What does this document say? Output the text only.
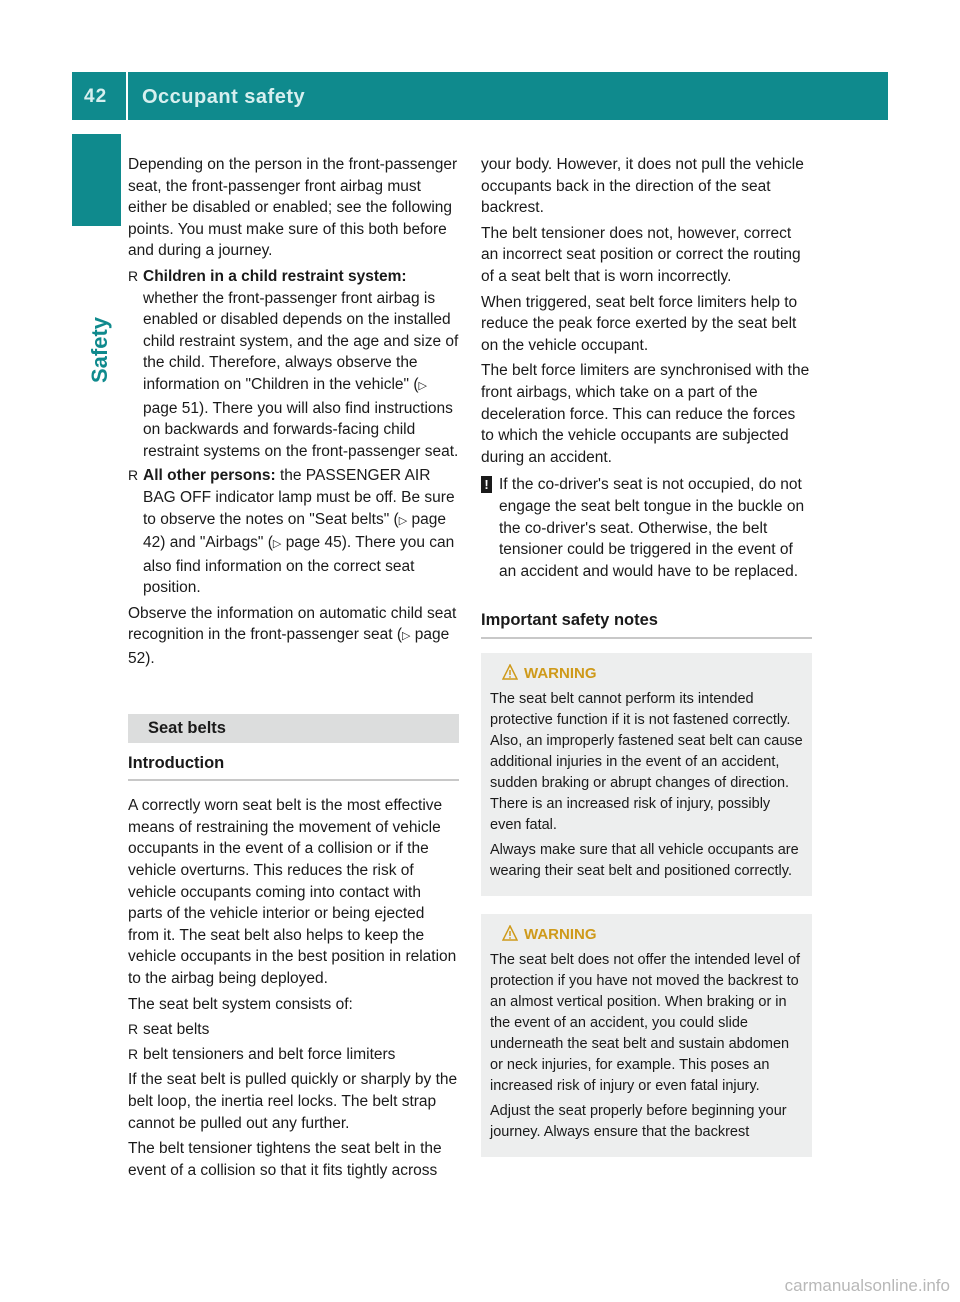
42 Occupant safety
Safety

Depending on the person in the front-passenger seat, the front-passenger front airbag must either be disabled or enabled; see the following points. You must make sure of this both before and during a journey.

R Children in a child restraint system:
whether the front-passenger front airbag is enabled or disabled depends on the installed child restraint system, and the age and size of the child. Therefore, always observe the information on "Children in the vehicle" (▷ page 51). There you will also find instructions on backwards and forwards-facing child restraint systems on the front-passenger seat.
R All other persons: the PASSENGER AIR BAG OFF indicator lamp must be off. Be sure to observe the notes on "Seat belts" (▷ page 42) and "Airbags" (▷ page 45). There you can also find information on the correct seat position.

Observe the information on automatic child seat recognition in the front-passenger seat (▷ page 52).

Seat belts
Introduction

A correctly worn seat belt is the most effective means of restraining the movement of vehicle occupants in the event of a collision or if the vehicle overturns. This reduces the risk of vehicle occupants coming into contact with parts of the vehicle interior or being ejected from it. The seat belt also helps to keep the vehicle occupants in the best position in relation to the airbag being deployed.

The seat belt system consists of:

R seat belts
R belt tensioners and belt force limiters

If the seat belt is pulled quickly or sharply by the belt loop, the inertia reel locks. The belt strap cannot be pulled out any further.

The belt tensioner tightens the seat belt in the event of a collision so that it fits tightly across

your body. However, it does not pull the vehicle occupants back in the direction of the seat backrest.

The belt tensioner does not, however, correct an incorrect seat position or correct the routing of a seat belt that is worn incorrectly.

When triggered, seat belt force limiters help to reduce the peak force exerted by the seat belt on the vehicle occupant.

The belt force limiters are synchronised with the front airbags, which take on a part of the deceleration force. This can reduce the forces to which the vehicle occupants are subjected during an accident.

! If the co-driver's seat is not occupied, do not engage the seat belt tongue in the buckle on the co-driver's seat. Otherwise, the belt tensioner could be triggered in the event of an accident and would have to be replaced.
Important safety notes
WARNING

The seat belt cannot perform its intended protective function if it is not fastened correctly. Also, an improperly fastened seat belt can cause additional injuries in the event of an accident, sudden braking or abrupt changes of direction. There is an increased risk of injury, possibly even fatal.

Always make sure that all vehicle occupants are wearing their seat belt and positioned correctly.

WARNING

The seat belt does not offer the intended level of protection if you have not moved the backrest to an almost vertical position. When braking or in the event of an accident, you could slide underneath the seat belt and sustain abdomen or neck injuries, for example. This poses an increased risk of injury or even fatal injury.

Adjust the seat properly before beginning your journey. Always ensure that the backrest

carmanualsonline.info
